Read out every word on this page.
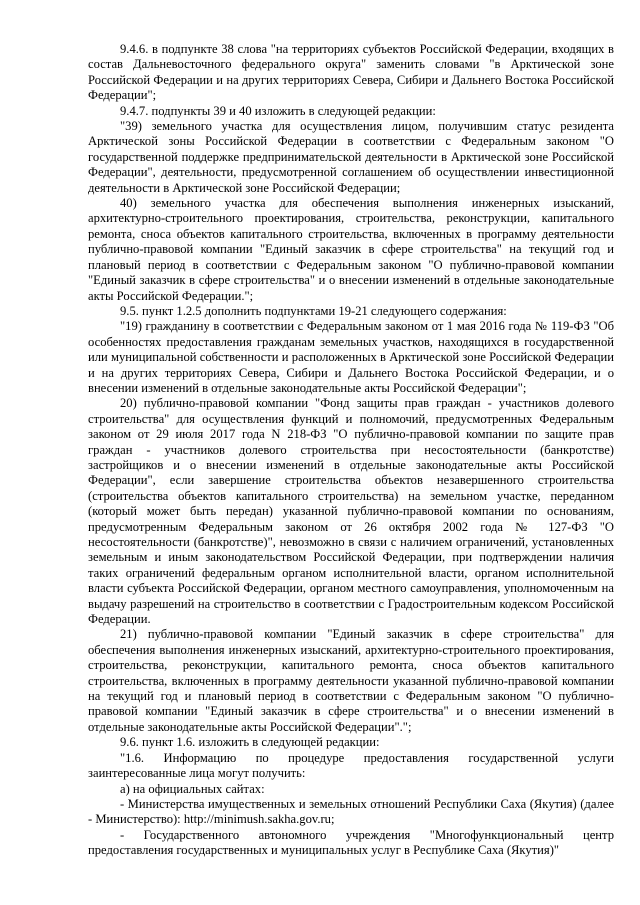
9.4.6. в подпункте 38 слова "на территориях субъектов Российской Федерации, входящих в состав Дальневосточного федерального округа" заменить словами "в Арктической зоне Российской Федерации и на других территориях Севера, Сибири и Дальнего Востока Российской Федерации";

9.4.7. подпункты 39 и 40 изложить в следующей редакции:

"39) земельного участка для осуществления лицом, получившим статус резидента Арктической зоны Российской Федерации в соответствии с Федеральным законом "О государственной поддержке предпринимательской деятельности в Арктической зоне Российской Федерации", деятельности, предусмотренной соглашением об осуществлении инвестиционной деятельности в Арктической зоне Российской Федерации;

40) земельного участка для обеспечения выполнения инженерных изысканий, архитектурно-строительного проектирования, строительства, реконструкции, капитального ремонта, сноса объектов капитального строительства, включенных в программу деятельности публично-правовой компании "Единый заказчик в сфере строительства" на текущий год и плановый период в соответствии с Федеральным законом "О публично-правовой компании "Единый заказчик в сфере строительства" и о внесении изменений в отдельные законодательные акты Российской Федерации.";

9.5. пункт 1.2.5 дополнить подпунктами 19-21 следующего содержания:

"19) гражданину в соответствии с Федеральным законом от 1 мая 2016 года № 119-ФЗ "Об особенностях предоставления гражданам земельных участков, находящихся в государственной или муниципальной собственности и расположенных в Арктической зоне Российской Федерации и на других территориях Севера, Сибири и Дальнего Востока Российской Федерации, и о внесении изменений в отдельные законодательные акты Российской Федерации";

20) публично-правовой компании "Фонд защиты прав граждан - участников долевого строительства" для осуществления функций и полномочий, предусмотренных Федеральным законом от 29 июля 2017 года N 218-ФЗ "О публично-правовой компании по защите прав граждан - участников долевого строительства при несостоятельности (банкротстве) застройщиков и о внесении изменений в отдельные законодательные акты Российской Федерации", если завершение строительства объектов незавершенного строительства (строительства объектов капитального строительства) на земельном участке, переданном (который может быть передан) указанной публично-правовой компании по основаниям, предусмотренным Федеральным законом от 26 октября 2002 года № 127-ФЗ "О несостоятельности (банкротстве)", невозможно в связи с наличием ограничений, установленных земельным и иным законодательством Российской Федерации, при подтверждении наличия таких ограничений федеральным органом исполнительной власти, органом исполнительной власти субъекта Российской Федерации, органом местного самоуправления, уполномоченным на выдачу разрешений на строительство в соответствии с Градостроительным кодексом Российской Федерации.

21) публично-правовой компании "Единый заказчик в сфере строительства" для обеспечения выполнения инженерных изысканий, архитектурно-строительного проектирования, строительства, реконструкции, капитального ремонта, сноса объектов капитального строительства, включенных в программу деятельности указанной публично-правовой компании на текущий год и плановый период в соответствии с Федеральным законом "О публично-правовой компании "Единый заказчик в сфере строительства" и о внесении изменений в отдельные законодательные акты Российской Федерации".";

9.6. пункт 1.6. изложить в следующей редакции:

"1.6. Информацию по процедуре предоставления государственной услуги заинтересованные лица могут получить:

а) на официальных сайтах:

- Министерства имущественных и земельных отношений Республики Саха (Якутия) (далее - Министерство): http://minimush.sakha.gov.ru;

- Государственного автономного учреждения "Многофункциональный центр предоставления государственных и муниципальных услуг в Республике Саха (Якутия)"
